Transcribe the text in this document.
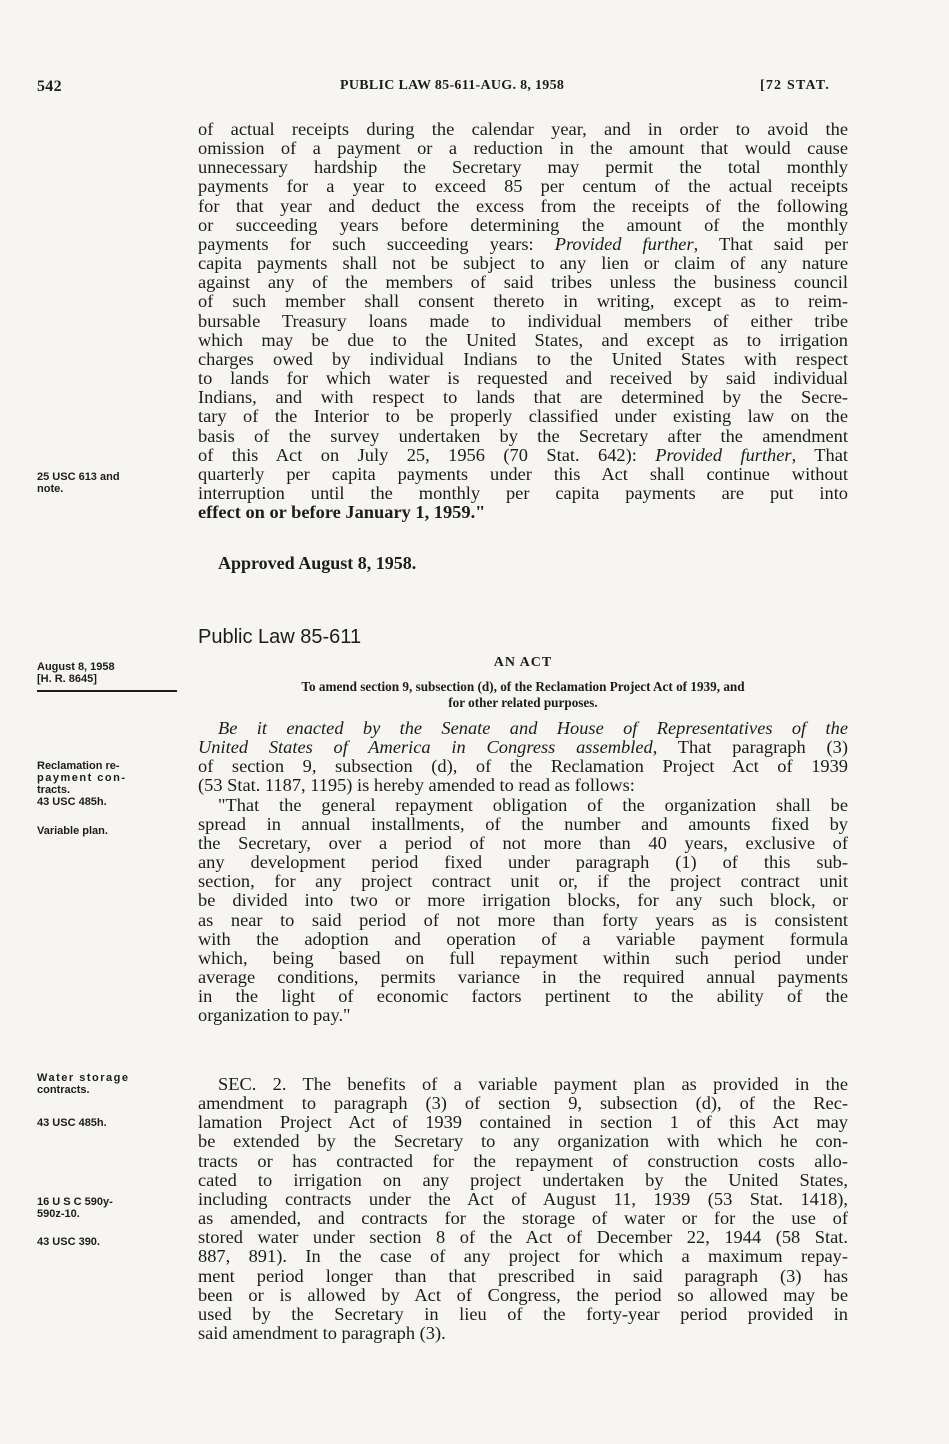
542	PUBLIC LAW 85-611-AUG. 8, 1958	[72 STAT.
25 USC 613 and
note.
August 8, 1958
[H. R. 8645]
Reclamation re-
payment con-
tracts.
43 USC 485h.
Variable plan.
Water storage
contracts.
43 USC 485h.
16 U S C 590y-
590z-10.
43 USC 390.
of actual receipts during the calendar year, and in order to avoid the
omission of a payment or a reduction in the amount that would cause
unnecessary hardship the Secretary may permit the total monthly
payments for a year to exceed 85 per centum of the actual receipts
for that year and deduct the excess from the receipts of the following
or succeeding years before determining the amount of the monthly
payments for such succeeding years: Provided further, That said per
capita payments shall not be subject to any lien or claim of any nature
against any of the members of said tribes unless the business council
of such member shall consent thereto in writing, except as to reim-
bursable Treasury loans made to individual members of either tribe
which may be due to the United States, and except as to irrigation
charges owed by individual Indians to the United States with respect
to lands for which water is requested and received by said individual
Indians, and with respect to lands that are determined by the Secre-
tary of the Interior to be properly classified under existing law on the
basis of the survey undertaken by the Secretary after the amendment
of this Act on July 25, 1956 (70 Stat. 642): Provided further, That
quarterly per capita payments under this Act shall continue without
interruption until the monthly per capita payments are put into
effect on or before January 1, 1959."
Approved August 8, 1958.
Public Law 85-611
AN ACT
To amend section 9, subsection (d), of the Reclamation Project Act of 1939, and
for other related purposes.
Be it enacted by the Senate and House of Representatives of the
United States of America in Congress assembled, That paragraph (3)
of section 9, subsection (d), of the Reclamation Project Act of 1939
(53 Stat. 1187, 1195) is hereby amended to read as follows:
"That the general repayment obligation of the organization shall be
spread in annual installments, of the number and amounts fixed by
the Secretary, over a period of not more than 40 years, exclusive of
any development period fixed under paragraph (1) of this sub-
section, for any project contract unit or, if the project contract unit
be divided into two or more irrigation blocks, for any such block, or
as near to said period of not more than forty years as is consistent
with the adoption and operation of a variable payment formula
which, being based on full repayment within such period under
average conditions, permits variance in the required annual payments
in the light of economic factors pertinent to the ability of the
organization to pay."
SEC. 2. The benefits of a variable payment plan as provided in the
amendment to paragraph (3) of section 9, subsection (d), of the Rec-
lamation Project Act of 1939 contained in section 1 of this Act may
be extended by the Secretary to any organization with which he con-
tracts or has contracted for the repayment of construction costs allo-
cated to irrigation on any project undertaken by the United States,
including contracts under the Act of August 11, 1939 (53 Stat. 1418),
as amended, and contracts for the storage of water or for the use of
stored water under section 8 of the Act of December 22, 1944 (58 Stat.
887, 891). In the case of any project for which a maximum repay-
ment period longer than that prescribed in said paragraph (3) has
been or is allowed by Act of Congress, the period so allowed may be
used by the Secretary in lieu of the forty-year period provided in
said amendment to paragraph (3).
